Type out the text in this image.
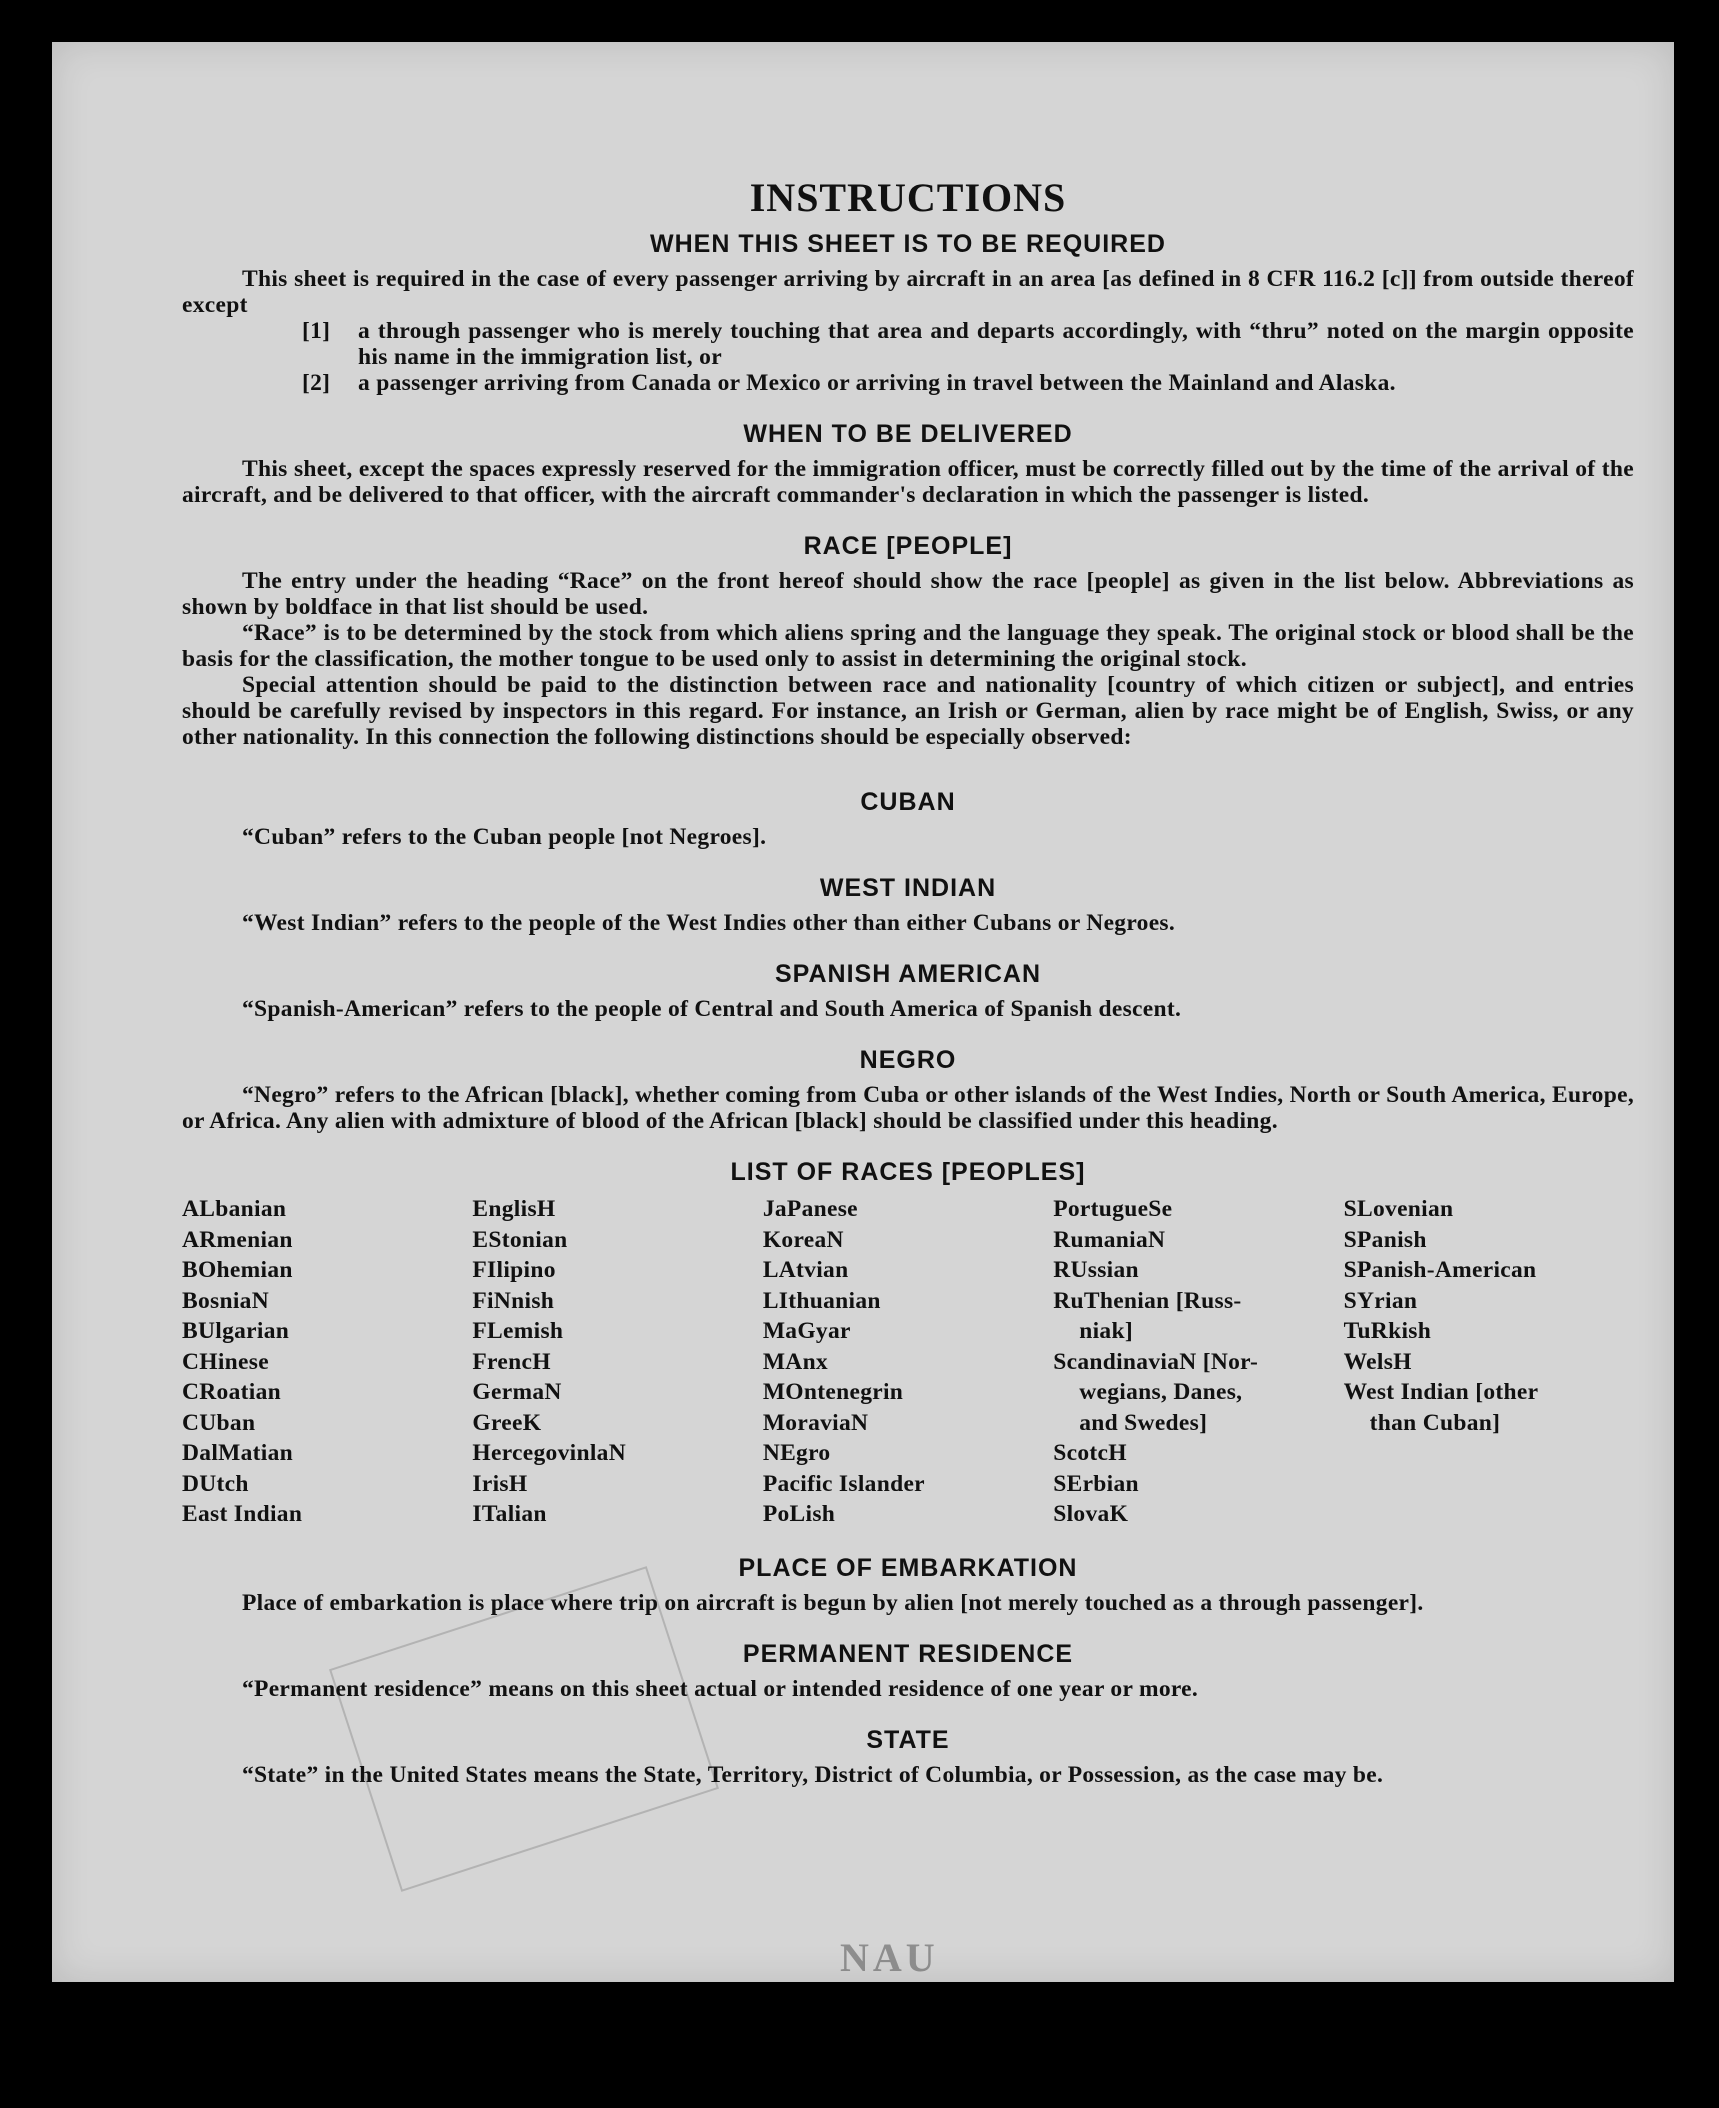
NAU
INSTRUCTIONS
WHEN THIS SHEET IS TO BE REQUIRED

This sheet is required in the case of every passenger arriving by aircraft in an area [as defined in 8 CFR 116.2 [c]] from outside thereof except

[1]	a through passenger who is merely touching that area and departs accordingly, with “thru” noted on the margin opposite his name in the immigration list, or
[2]	a passenger arriving from Canada or Mexico or arriving in travel between the Mainland and Alaska.
WHEN TO BE DELIVERED

This sheet, except the spaces expressly reserved for the immigration officer, must be correctly filled out by the time of the arrival of the aircraft, and be delivered to that officer, with the aircraft commander's declaration in which the passenger is listed.

RACE [PEOPLE]

The entry under the heading “Race” on the front hereof should show the race [people] as given in the list below. Abbreviations as shown by boldface in that list should be used.

“Race” is to be determined by the stock from which aliens spring and the language they speak. The original stock or blood shall be the basis for the classification, the mother tongue to be used only to assist in determining the original stock.

Special attention should be paid to the distinction between race and nationality [country of which citizen or subject], and entries should be carefully revised by inspectors in this regard. For instance, an Irish or German, alien by race might be of English, Swiss, or any other nationality. In this connection the following distinctions should be especially observed:

CUBAN

“Cuban” refers to the Cuban people [not Negroes].

WEST INDIAN

“West Indian” refers to the people of the West Indies other than either Cubans or Negroes.

SPANISH AMERICAN

“Spanish-American” refers to the people of Central and South America of Spanish descent.

NEGRO

“Negro” refers to the African [black], whether coming from Cuba or other islands of the West Indies, North or South America, Europe, or Africa. Any alien with admixture of blood of the African [black] should be classified under this heading.

LIST OF RACES [PEOPLES]
ALbanian
ARmenian
BOhemian
BosniaN
BUlgarian
CHinese
CRoatian
CUban
DalMatian
DUtch
East Indian
EnglisH
EStonian
FIlipino
FiNnish
FLemish
FrencH
GermaN
GreeK
HercegovinlaN
IrisH
ITalian
JaPanese
KoreaN
LAtvian
LIthuanian
MaGyar
MAnx
MOntenegrin
MoraviaN
NEgro
Pacific Islander
PoLish
PortugueSe
RumaniaN
RUssian
RuThenian [Russ-
niak]
ScandinaviaN [Nor-
wegians, Danes,
and Swedes]
ScotcH
SErbian
SlovaK
SLovenian
SPanish
SPanish-American
SYrian
TuRkish
WelsH
West Indian [other
than Cuban]
PLACE OF EMBARKATION

Place of embarkation is place where trip on aircraft is begun by alien [not merely touched as a through passenger].

PERMANENT RESIDENCE

“Permanent residence” means on this sheet actual or intended residence of one year or more.

STATE

“State” in the United States means the State, Territory, District of Columbia, or Possession, as the case may be.
